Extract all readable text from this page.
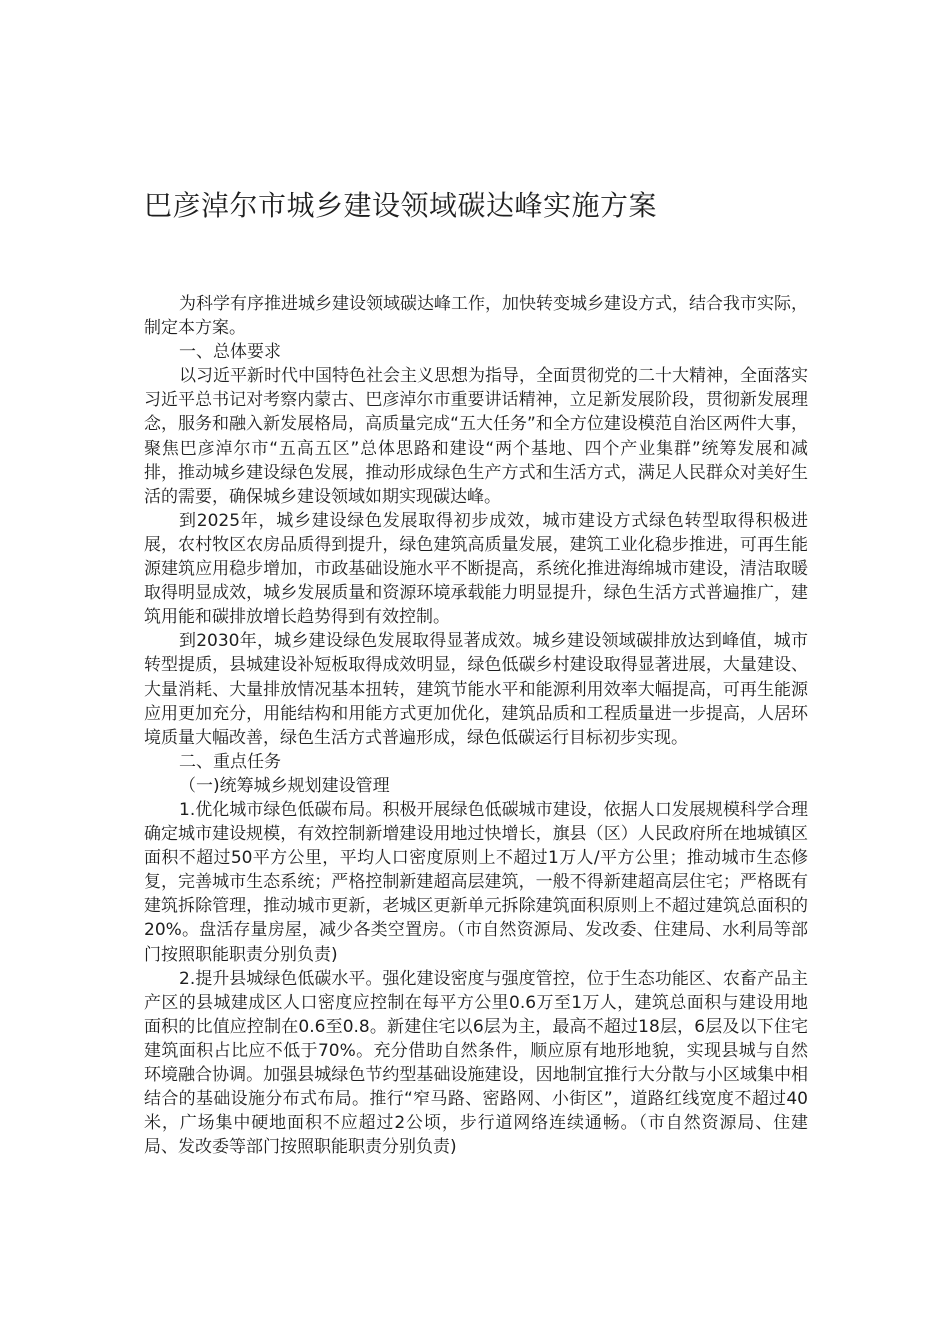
巴彦淖尔市城乡建设领域碳达峰实施方案

为科学有序推进城乡建设领域碳达峰工作，加快转变城乡建设方式，结合我市实际，制定本方案。

一、总体要求

以习近平新时代中国特色社会主义思想为指导，全面贯彻党的二十大精神，全面落实习近平总书记对考察内蒙古、巴彦淖尔市重要讲话精神，立足新发展阶段，贯彻新发展理念，服务和融入新发展格局，高质量完成“五大任务”和全方位建设模范自治区两件大事，聚焦巴彦淖尔市“五高五区”总体思路和建设“两个基地、四个产业集群”统筹发展和减排，推动城乡建设绿色发展，推动形成绿色生产方式和生活方式，满足人民群众对美好生活的需要，确保城乡建设领域如期实现碳达峰。

到2025年，城乡建设绿色发展取得初步成效，城市建设方式绿色转型取得积极进展，农村牧区农房品质得到提升，绿色建筑高质量发展，建筑工业化稳步推进，可再生能源建筑应用稳步增加，市政基础设施水平不断提高，系统化推进海绵城市建设，清洁取暖取得明显成效，城乡发展质量和资源环境承载能力明显提升，绿色生活方式普遍推广，建筑用能和碳排放增长趋势得到有效控制。

到2030年，城乡建设绿色发展取得显著成效。城乡建设领域碳排放达到峰值，城市转型提质，县城建设补短板取得成效明显，绿色低碳乡村建设取得显著进展，大量建设、大量消耗、大量排放情况基本扭转，建筑节能水平和能源利用效率大幅提高，可再生能源应用更加充分，用能结构和用能方式更加优化，建筑品质和工程质量进一步提高，人居环境质量大幅改善，绿色生活方式普遍形成，绿色低碳运行目标初步实现。

二、重点任务

（一)统筹城乡规划建设管理

1.优化城市绿色低碳布局。积极开展绿色低碳城市建设，依据人口发展规模科学合理确定城市建设规模，有效控制新增建设用地过快增长，旗县（区）人民政府所在地城镇区面积不超过50平方公里，平均人口密度原则上不超过1万人/平方公里；推动城市生态修复，完善城市生态系统；严格控制新建超高层建筑，一般不得新建超高层住宅；严格既有建筑拆除管理，推动城市更新，老城区更新单元拆除建筑面积原则上不超过建筑总面积的20%。盘活存量房屋，减少各类空置房。（市自然资源局、发改委、住建局、水利局等部门按照职能职责分别负责)

2.提升县城绿色低碳水平。强化建设密度与强度管控，位于生态功能区、农畜产品主产区的县城建成区人口密度应控制在每平方公里0.6万至1万人，建筑总面积与建设用地面积的比值应控制在0.6至0.8。新建住宅以6层为主，最高不超过18层，6层及以下住宅建筑面积占比应不低于70%。充分借助自然条件，顺应原有地形地貌，实现县城与自然环境融合协调。加强县城绿色节约型基础设施建设，因地制宜推行大分散与小区域集中相结合的基础设施分布式布局。推行“窄马路、密路网、小街区”，道路红线宽度不超过40米，广场集中硬地面积不应超过2公顷，步行道网络连续通畅。（市自然资源局、住建局、发改委等部门按照职能职责分别负责)
